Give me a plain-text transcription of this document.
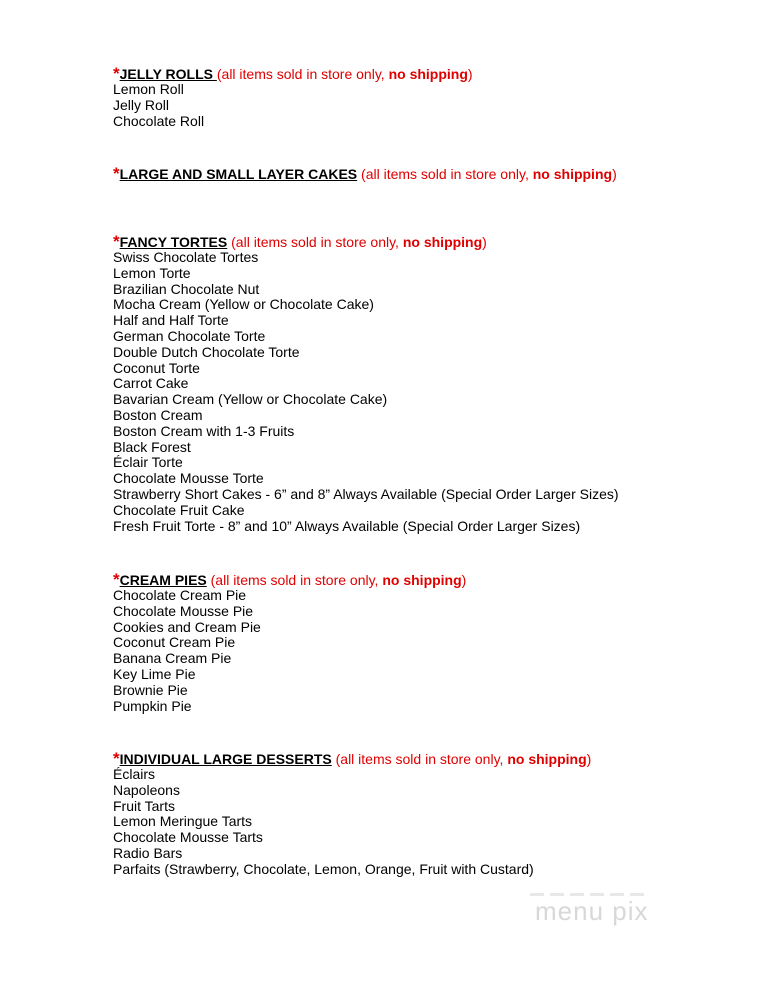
*JELLY ROLLS (all items sold in store only, no shipping)
Lemon Roll
Jelly Roll
Chocolate Roll
*LARGE AND SMALL LAYER CAKES (all items sold in store only, no shipping)
*FANCY TORTES (all items sold in store only, no shipping)
Swiss Chocolate Tortes
Lemon Torte
Brazilian Chocolate Nut
Mocha Cream (Yellow or Chocolate Cake)
Half and Half Torte
German Chocolate Torte
Double Dutch Chocolate Torte
Coconut Torte
Carrot Cake
Bavarian Cream (Yellow or Chocolate Cake)
Boston Cream
Boston Cream with 1-3 Fruits
Black Forest
Éclair Torte
Chocolate Mousse Torte
Strawberry Short Cakes - 6” and 8” Always Available (Special Order Larger Sizes)
Chocolate Fruit Cake
Fresh Fruit Torte - 8” and 10” Always Available (Special Order Larger Sizes)
*CREAM PIES (all items sold in store only, no shipping)
Chocolate Cream Pie
Chocolate Mousse Pie
Cookies and Cream Pie
Coconut Cream Pie
Banana Cream Pie
Key Lime Pie
Brownie Pie
Pumpkin Pie
*INDIVIDUAL LARGE DESSERTS (all items sold in store only, no shipping)
Éclairs
Napoleons
Fruit Tarts
Lemon Meringue Tarts
Chocolate Mousse Tarts
Radio Bars
Parfaits (Strawberry, Chocolate, Lemon, Orange, Fruit with Custard)
menu pix
